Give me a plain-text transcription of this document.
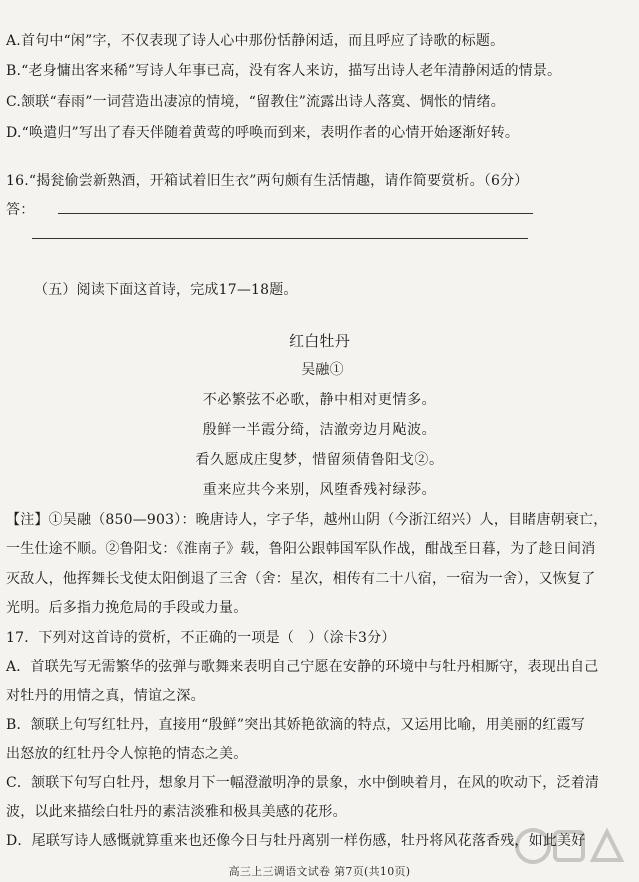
A.首句中“闲”字，不仅表现了诗人心中那份恬静闲适，而且呼应了诗歌的标题。
B.“老身慵出客来稀”写诗人年事已高，没有客人来访，描写出诗人老年清静闲适的情景。
C.颔联“春雨”一词营造出凄凉的情境，“留教住”流露出诗人落寞、惆怅的情绪。
D.“唤遣归”写出了春天伴随着黄莺的呼唤而到来，表明作者的心情开始逐渐好转。
16.“揭瓮偷尝新熟酒，开箱试着旧生衣”两句颇有生活情趣，请作简要赏析。（6分）
答：
（五）阅读下面这首诗，完成17—18题。
红白牡丹
吴融①
不必繁弦不必歌，静中相对更情多。
殷鲜一半霞分绮，洁澈旁边月飐波。
看久愿成庄叟梦，惜留须倩鲁阳戈②。
重来应共今来别，风堕香残衬绿莎。
【注】①吴融（850—903）：晚唐诗人，字子华，越州山阴（今浙江绍兴）人，目睹唐朝衰亡，
一生仕途不顺。②鲁阳戈：《淮南子》载，鲁阳公跟韩国军队作战，酣战至日暮，为了趁日间消
灭敌人，他挥舞长戈使太阳倒退了三舍（舍：星次，相传有二十八宿，一宿为一舍），又恢复了
光明。后多指力挽危局的手段或力量。
17．下列对这首诗的赏析，不正确的一项是（　）（涂卡3分）
A．首联先写无需繁华的弦弹与歌舞来表明自己宁愿在安静的环境中与牡丹相厮守，表现出自己
对牡丹的用情之真，情谊之深。
B．颔联上句写红牡丹，直接用“殷鲜”突出其娇艳欲滴的特点，又运用比喻，用美丽的红霞写
出怒放的红牡丹令人惊艳的情态之美。
C．颔联下句写白牡丹，想象月下一幅澄澈明净的景象，水中倒映着月，在风的吹动下，泛着清
波，以此来描绘白牡丹的素洁淡雅和极具美感的花形。
D．尾联写诗人感慨就算重来也还像今日与牡丹离别一样伤感，牡丹将风花落香残，如此美好
高三上三调语文试卷 第7页(共10页)
